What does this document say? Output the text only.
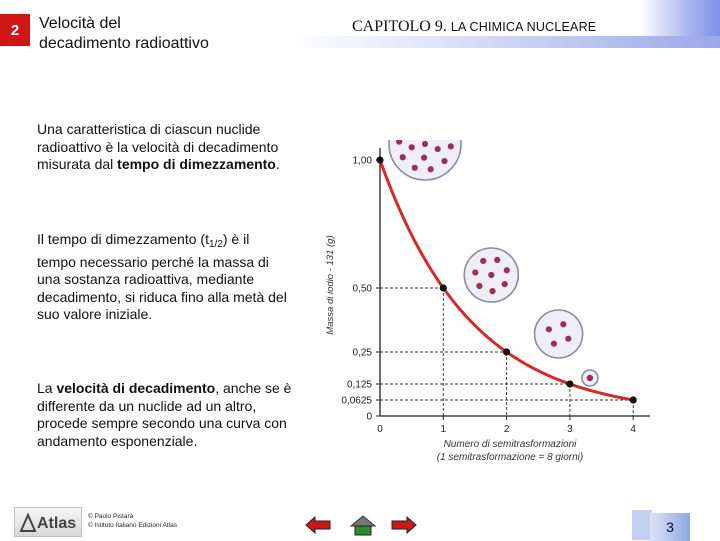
2 Velocità del
decadimento radioattivo
CAPITOLO 9. LA CHIMICA NUCLEARE
Una caratteristica di ciascun nuclide radioattivo è la velocità di decadimento misurata dal tempo di dimezzamento.
Il tempo di dimezzamento $(t_{1/2})$ è il tempo necessario perché la massa di una sostanza radioattiva, mediante decadimento, si riduca fino alla metà del suo valore iniziale.
La velocità di decadimento, anche se è differente da un nuclide ad un altro, procede sempre secondo una curva con andamento esponenziale.
Massa di iodio - 131 (g)
1,00
0,50
0,25
0,125
0,0625
0
0	1	2	3	4
Numero di semitrasformazioni
(1 semitrasformazione = 8 giorni)
Atlas © Paolo Pistarà
© Istituto Italiano Edizioni Atlas	3
